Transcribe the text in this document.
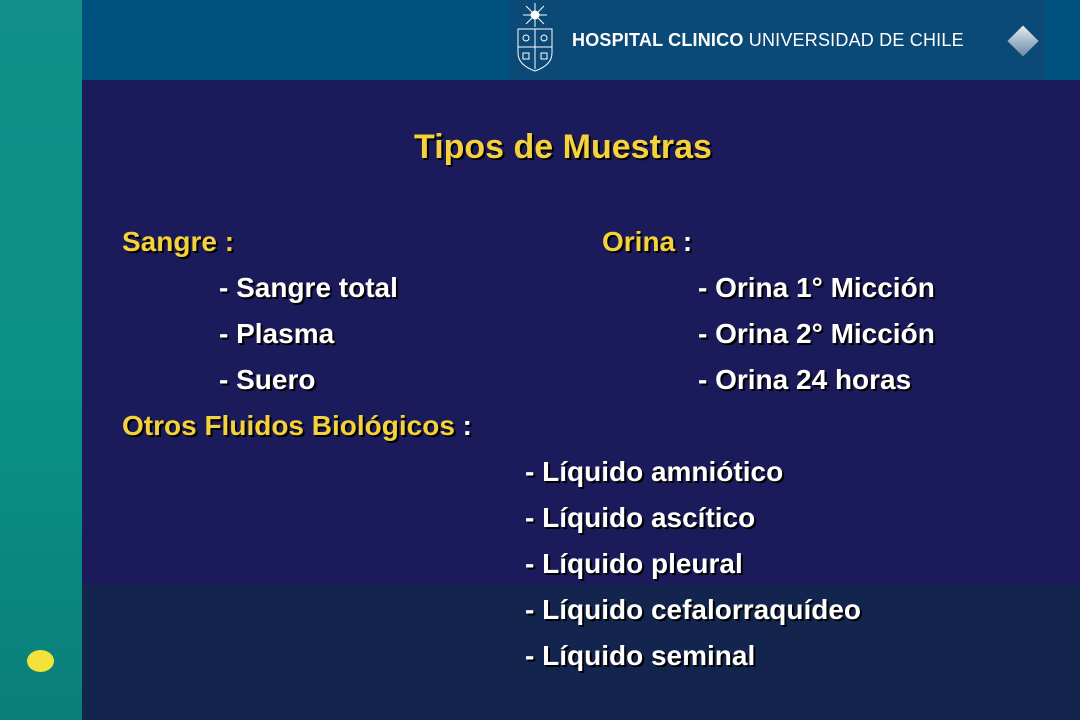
HOSPITAL CLINICO UNIVERSIDAD DE CHILE
Tipos de Muestras
Sangre :
- Sangre total
- Plasma
- Suero
Orina :
- Orina 1° Micción
- Orina 2° Micción
- Orina 24 horas
Otros Fluidos Biológicos :
- Líquido amniótico
- Líquido ascítico
- Líquido pleural
- Líquido cefalorraquídeo
- Líquido seminal
